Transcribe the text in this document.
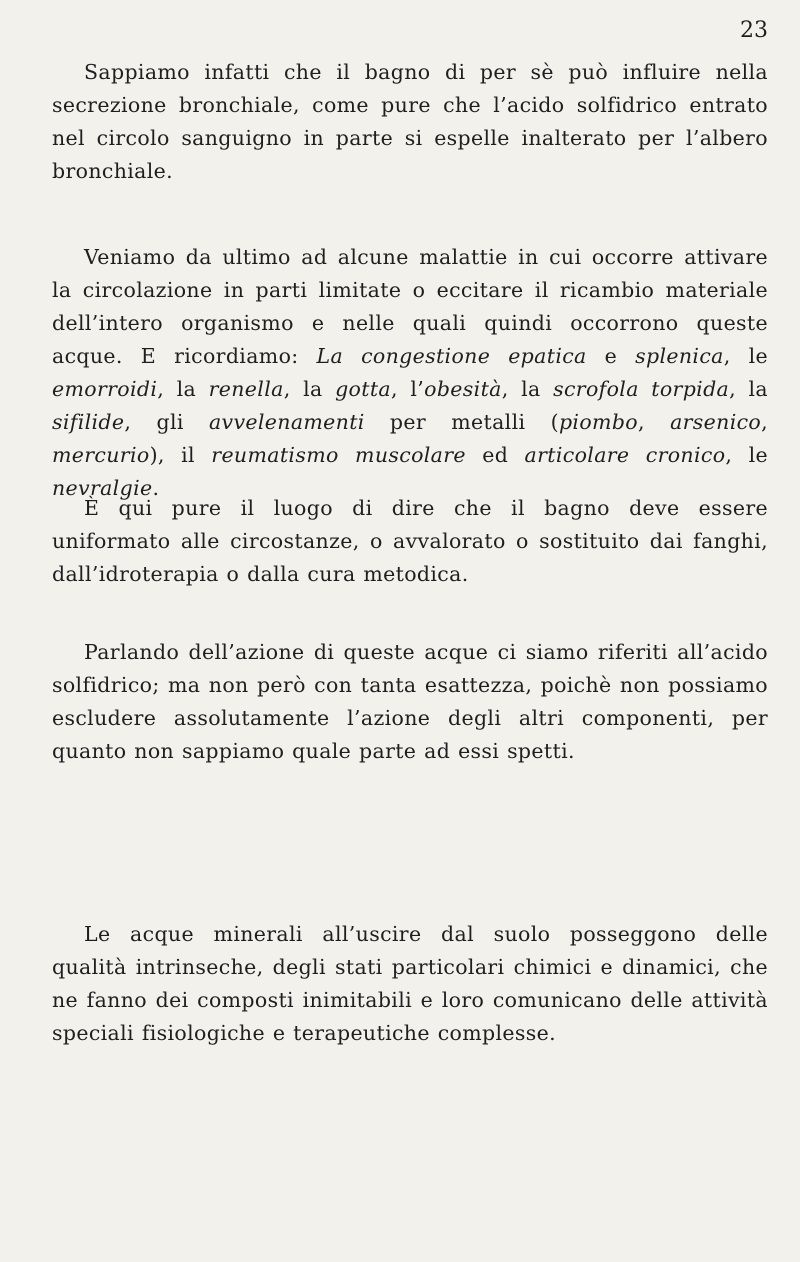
23

Sappiamo infatti che il bagno di per sè può influire nella secrezione bronchiale, come pure che l’acido solfidrico entrato nel circolo sanguigno in parte si espelle inalterato per l’albero bronchiale.

Veniamo da ultimo ad alcune malattie in cui occorre attivare la circolazione in parti limitate o eccitare il ricambio materiale dell’intero organismo e nelle quali quindi occorrono queste acque. E ricordiamo: La congestione epatica e splenica, le emorroidi, la renella, la gotta, l’obesità, la scrofola torpida, la sifilide, gli avvelenamenti per metalli (piombo, arsenico, mercurio), il reumatismo muscolare ed articolare cronico, le nevralgie.

È qui pure il luogo di dire che il bagno deve essere uniformato alle circostanze, o avvalorato o sostituito dai fanghi, dall’idroterapia o dalla cura metodica.

Parlando dell’azione di queste acque ci siamo riferiti all’acido solfidrico; ma non però con tanta esattezza, poichè non possiamo escludere assolutamente l’azione degli altri componenti, per quanto non sappiamo quale parte ad essi spetti.

Le acque minerali all’uscire dal suolo posseggono delle qualità intrinseche, degli stati particolari chimici e dinamici, che ne fanno dei composti inimitabili e loro comunicano delle attività speciali fisiologiche e terapeutiche complesse.
